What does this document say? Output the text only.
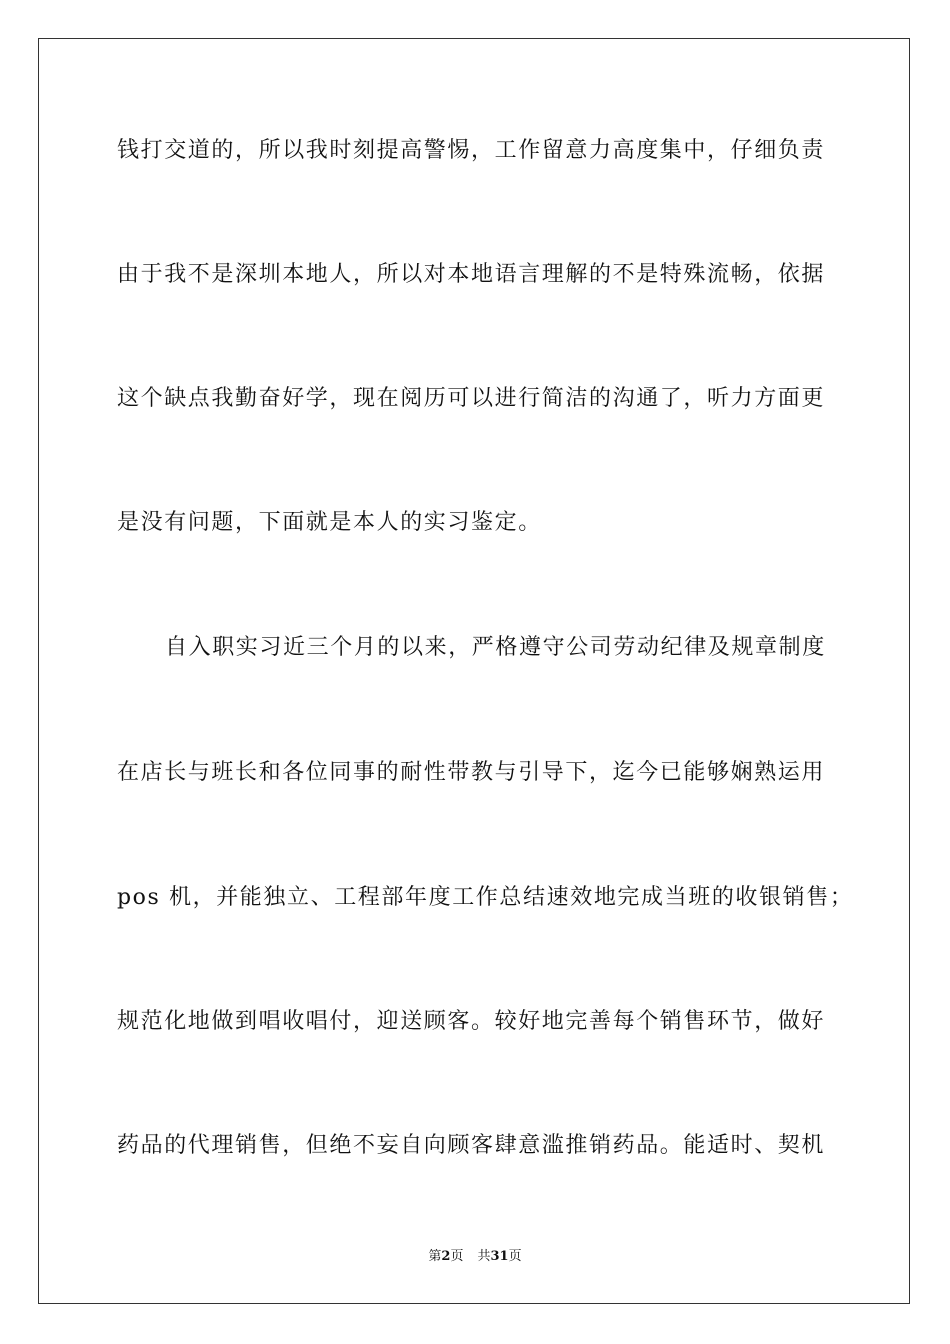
钱打交道的，所以我时刻提高警惕，工作留意力高度集中，仔细负责
由于我不是深圳本地人，所以对本地语言理解的不是特殊流畅，依据
这个缺点我勤奋好学，现在阅历可以进行简洁的沟通了，听力方面更
是没有问题，下面就是本人的实习鉴定。
自入职实习近三个月的以来，严格遵守公司劳动纪律及规章制度
在店长与班长和各位同事的耐性带教与引导下，迄今已能够娴熟运用
pos 机，并能独立、工程部年度工作总结速效地完成当班的收银销售；
规范化地做到唱收唱付，迎送顾客。较好地完善每个销售环节，做好
药品的代理销售，但绝不妄自向顾客肆意滥推销药品。能适时、契机
第2页 共31页
